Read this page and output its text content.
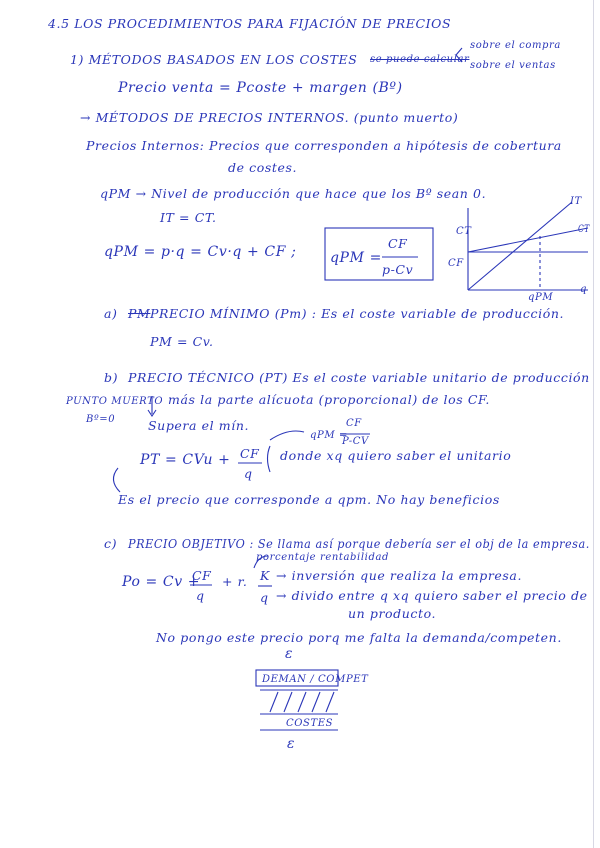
4.5 LOS PROCEDIMIENTOS PARA FIJACIÓN DE PRECIOS
1) MÉTODOS BASADOS EN LOS COSTES se puede calcular
sobre el compra
sobre el ventas
Precio venta = Pcoste + margen (Bº)
→ MÉTODOS DE PRECIOS INTERNOS. (punto muerto)
Precios Internos: Precios que corresponden a hipótesis de cobertura
de costes.
qPM → Nivel de producción que hace que los Bº sean 0.
IT = CT.
qPM = p·q = Cv·q + CF ; qPM =
CF
p-Cv
IT
CT
CT
CF
q
qPM
a) PM PRECIO MÍNIMO (Pm) : Es el coste variable de producción.
PM = Cv.
b) PRECIO TÉCNICO (PT) Es el coste variable unitario de producción
PUNTO MUERTO
Bº=0
más la parte alícuota (proporcional) de los CF.
Supera el mín.
qPM =
CF
P-CV
PT = CVu + CF
q
donde xq quiero saber el unitario
Es el precio que corresponde a qpm. No hay beneficios
c) PRECIO OBJETIVO : Se llama así porque debería ser el obj de la empresa.
porcentaje rentabilidad
Po = Cv +
CF
q
+ r. K → inversión que realiza la empresa.
q → divido entre q xq quiero saber el precio de
un producto.
No pongo este precio porq me falta la demanda/competen.
ε
DEMAN / COMPET
COSTES
ε
